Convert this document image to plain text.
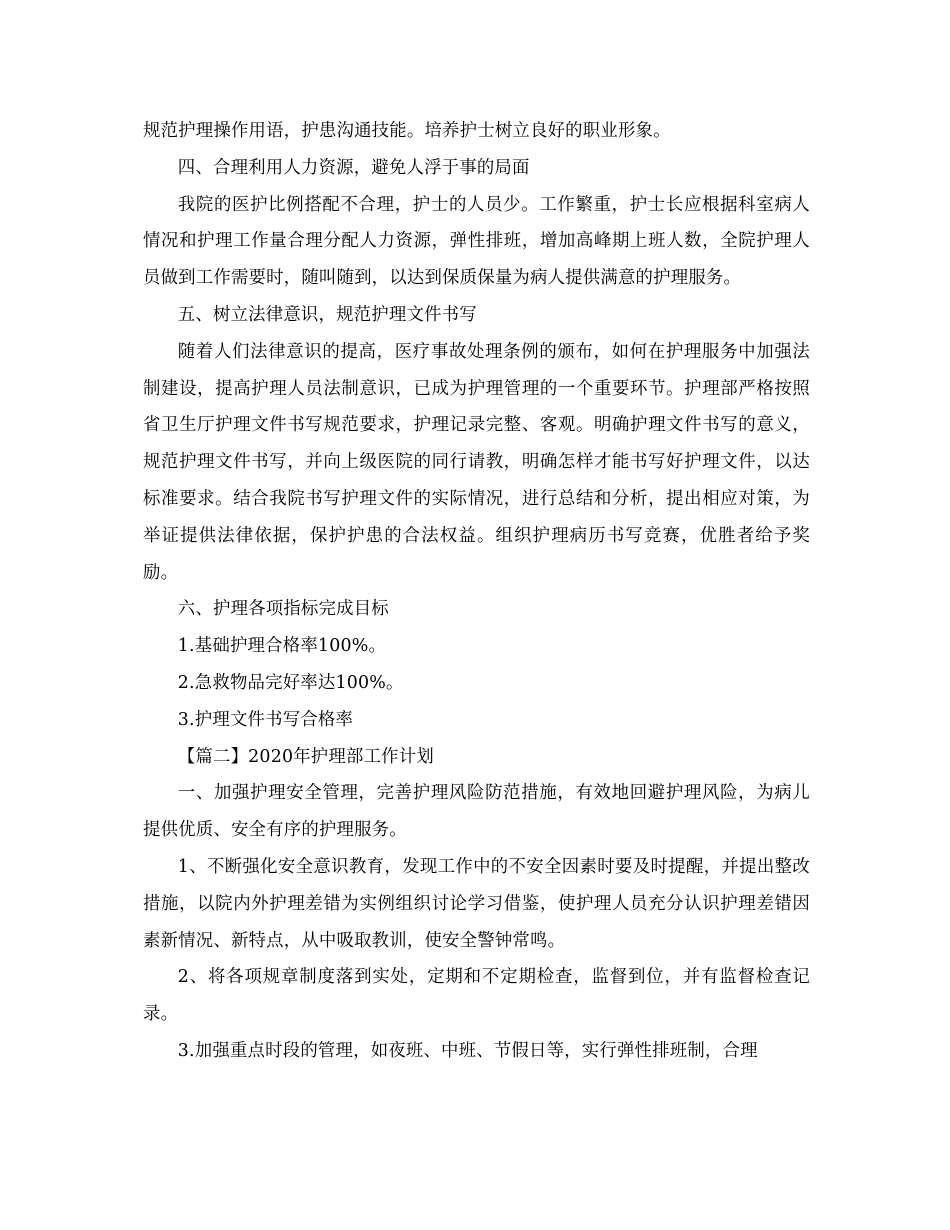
规范护理操作用语，护患沟通技能。培养护士树立良好的职业形象。

四、合理利用人力资源，避免人浮于事的局面

我院的医护比例搭配不合理，护士的人员少。工作繁重，护士长应根据科室病人情况和护理工作量合理分配人力资源，弹性排班，增加高峰期上班人数，全院护理人员做到工作需要时，随叫随到，以达到保质保量为病人提供满意的护理服务。

五、树立法律意识，规范护理文件书写

随着人们法律意识的提高，医疗事故处理条例的颁布，如何在护理服务中加强法制建设，提高护理人员法制意识，已成为护理管理的一个重要环节。护理部严格按照省卫生厅护理文件书写规范要求，护理记录完整、客观。明确护理文件书写的意义，规范护理文件书写，并向上级医院的同行请教，明确怎样才能书写好护理文件，以达标准要求。结合我院书写护理文件的实际情况，进行总结和分析，提出相应对策，为举证提供法律依据，保护护患的合法权益。组织护理病历书写竞赛，优胜者给予奖励。

六、护理各项指标完成目标

1.基础护理合格率100%。

2.急救物品完好率达100%。

3.护理文件书写合格率

【篇二】2020年护理部工作计划

一、加强护理安全管理，完善护理风险防范措施，有效地回避护理风险，为病儿提供优质、安全有序的护理服务。

1、不断强化安全意识教育，发现工作中的不安全因素时要及时提醒，并提出整改措施，以院内外护理差错为实例组织讨论学习借鉴，使护理人员充分认识护理差错因素新情况、新特点，从中吸取教训，使安全警钟常鸣。

2、将各项规章制度落到实处，定期和不定期检查，监督到位，并有监督检查记录。

3.加强重点时段的管理，如夜班、中班、节假日等，实行弹性排班制，合理
